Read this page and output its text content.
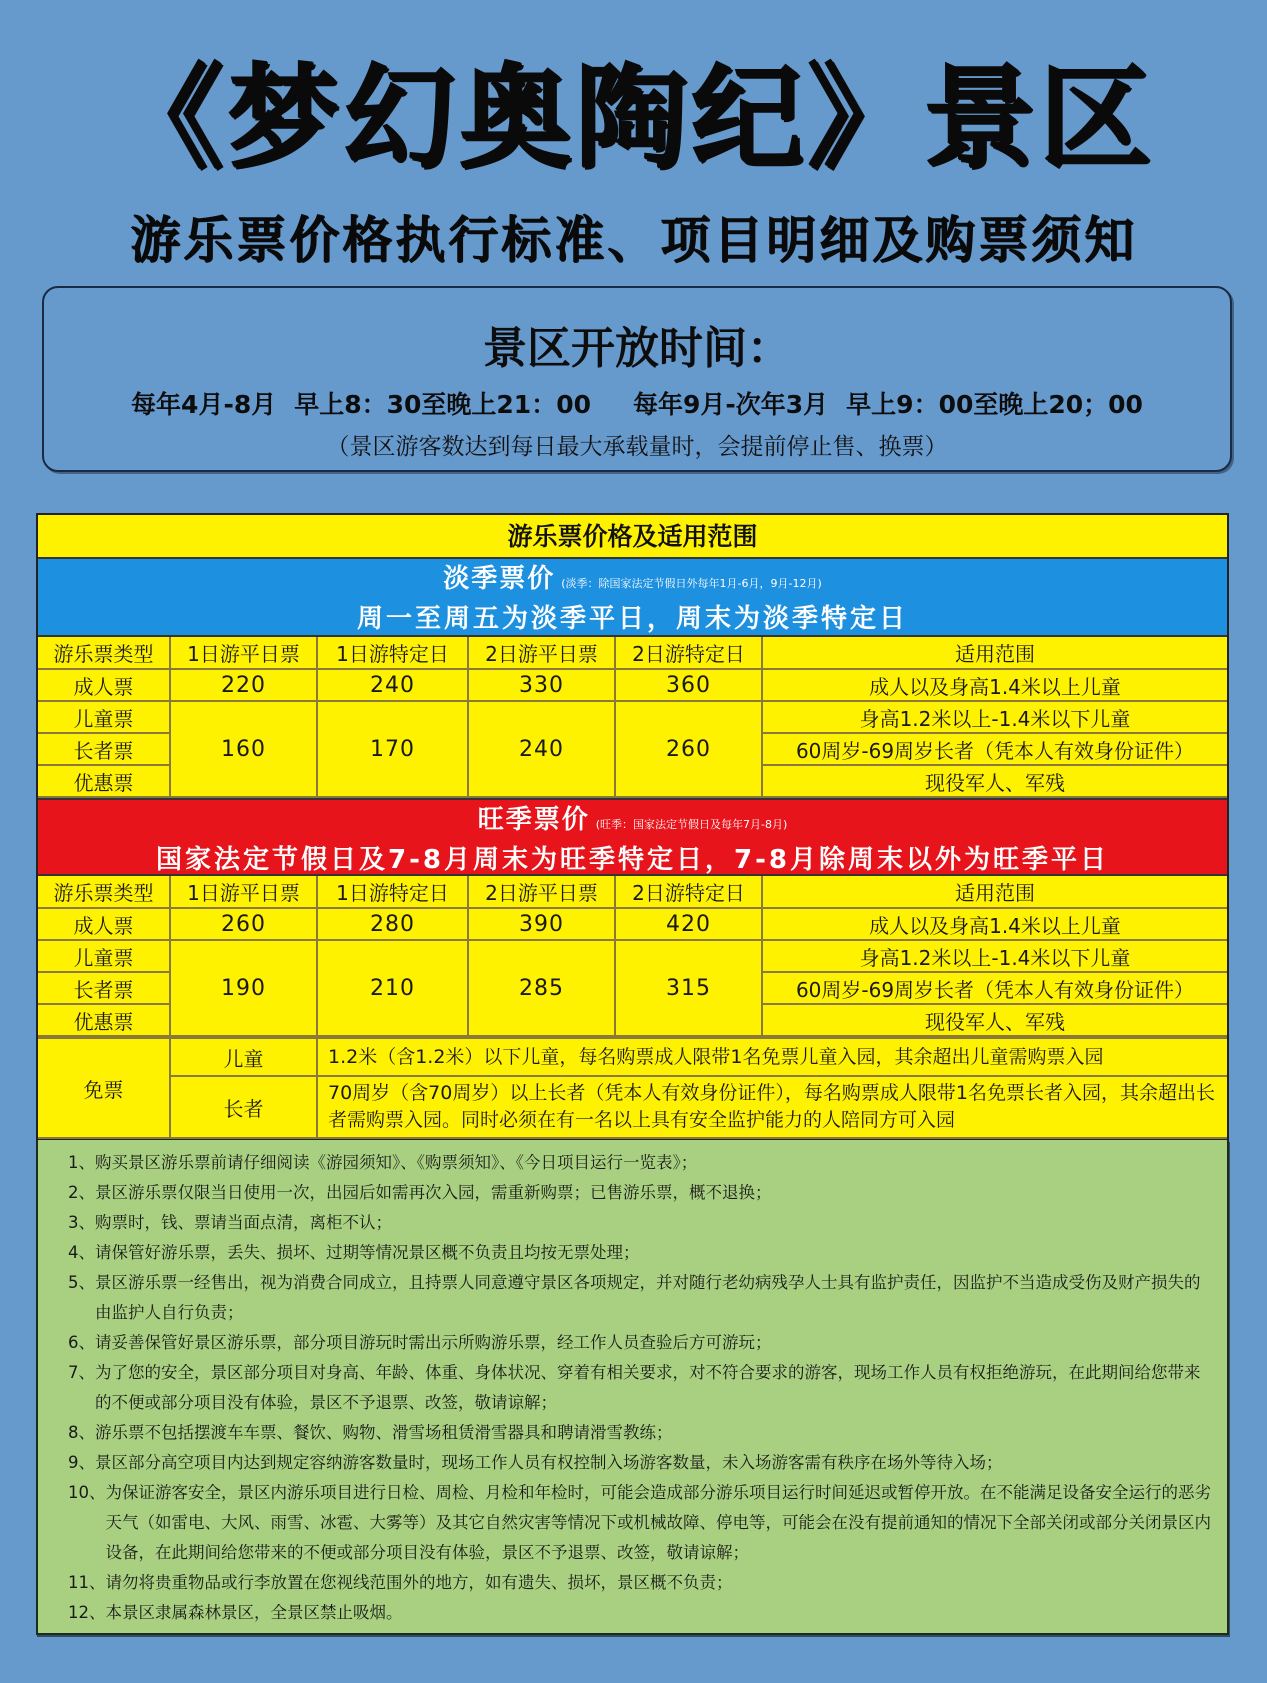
《梦幻奥陶纪》景区
游乐票价格执行标准、项目明细及购票须知
景区开放时间：
每年4月-8月 早上8：30至晚上21：00 每年9月-次年3月 早上9：00至晚上20；00
（景区游客数达到每日最大承载量时，会提前停止售、换票）
游乐票价格及适用范围
淡季票价 (淡季：除国家法定节假日外每年1月-6月，9月-12月)
周一至周五为淡季平日，周末为淡季特定日
游乐票类型	1日游平日票	1日游特定日	2日游平日票	2日游特定日	适用范围
成人票	220	240	330	360	成人以及身高1.4米以上儿童
儿童票	160	170	240	260	身高1.2米以上-1.4米以下儿童
长者票					60周岁-69周岁长者（凭本人有效身份证件）
优惠票					现役军人、军残
旺季票价 (旺季：国家法定节假日及每年7月-8月)
国家法定节假日及7-8月周末为旺季特定日，7-8月除周末以外为旺季平日
游乐票类型	1日游平日票	1日游特定日	2日游平日票	2日游特定日	适用范围
成人票	260	280	390	420	成人以及身高1.4米以上儿童
儿童票	190	210	285	315	身高1.2米以上-1.4米以下儿童
长者票					60周岁-69周岁长者（凭本人有效身份证件）
优惠票					现役军人、军残
免票	儿童	1.2米（含1.2米）以下儿童，每名购票成人限带1名免票儿童入园，其余超出儿童需购票入园
	长者	70周岁（含70周岁）以上长者（凭本人有效身份证件），每名购票成人限带1名免票长者入园，其余超出长者需购票入园。同时必须在有一名以上具有安全监护能力的人陪同方可入园
1、 购买景区游乐票前请仔细阅读《游园须知》、《购票须知》、《今日项目运行一览表》；
2、 景区游乐票仅限当日使用一次，出园后如需再次入园，需重新购票；已售游乐票，概不退换；
3、 购票时，钱、票请当面点清，离柜不认；
4、 请保管好游乐票，丢失、损坏、过期等情况景区概不负责且均按无票处理；
5、 景区游乐票一经售出，视为消费合同成立，且持票人同意遵守景区各项规定，并对随行老幼病残孕人士具有监护责任，因监护不当造成受伤及财产损失的由监护人自行负责；
6、 请妥善保管好景区游乐票，部分项目游玩时需出示所购游乐票，经工作人员查验后方可游玩；
7、 为了您的安全，景区部分项目对身高、年龄、体重、身体状况、穿着有相关要求，对不符合要求的游客，现场工作人员有权拒绝游玩，在此期间给您带来的不便或部分项目没有体验，景区不予退票、改签，敬请谅解；
8、 游乐票不包括摆渡车车票、餐饮、购物、滑雪场租赁滑雪器具和聘请滑雪教练；
9、 景区部分高空项目内达到规定容纳游客数量时，现场工作人员有权控制入场游客数量，未入场游客需有秩序在场外等待入场；
10、 为保证游客安全，景区内游乐项目进行日检、周检、月检和年检时，可能会造成部分游乐项目运行时间延迟或暂停开放。在不能满足设备安全运行的恶劣天气（如雷电、大风、雨雪、冰雹、大雾等）及其它自然灾害等情况下或机械故障、停电等，可能会在没有提前通知的情况下全部关闭或部分关闭景区内设备，在此期间给您带来的不便或部分项目没有体验，景区不予退票、改签，敬请谅解；
11、 请勿将贵重物品或行李放置在您视线范围外的地方，如有遗失、损坏，景区概不负责；
12、 本景区隶属森林景区，全景区禁止吸烟。
